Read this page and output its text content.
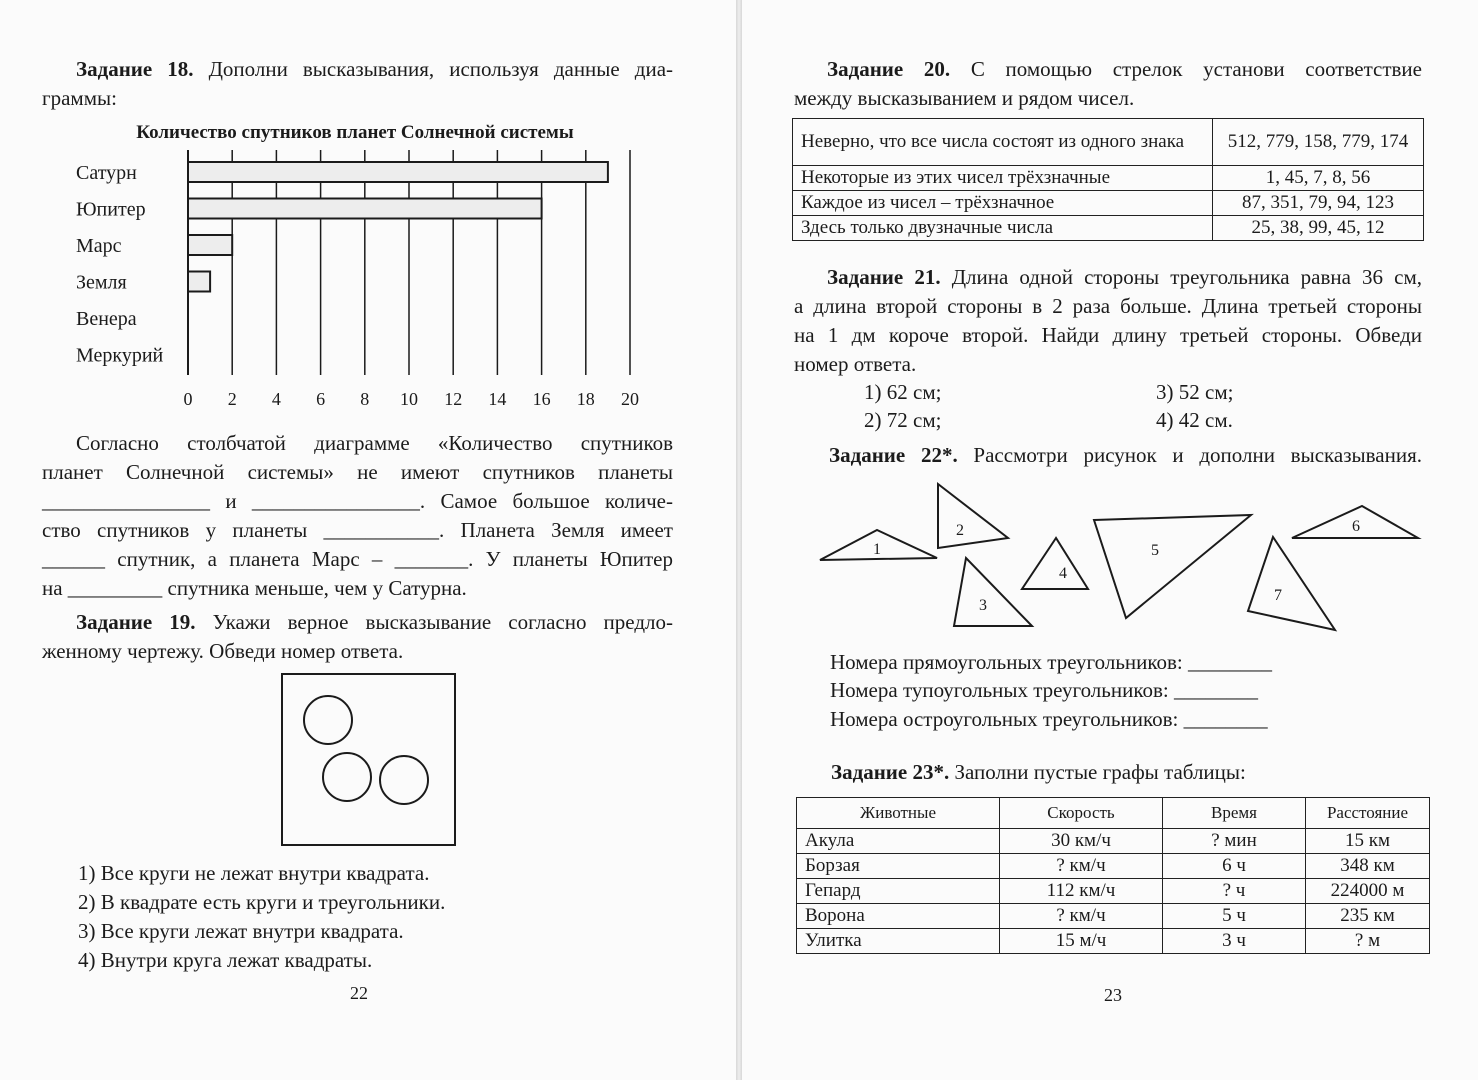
Задание 18. Дополни высказывания, используя данные диа-
граммы:
Количество спутников планет Солнечной системы
Сатурн
Юпитер
Марс
Земля
Венера
Меркурий
0 2 4 6 8 10 12 14 16 18 20
Согласно столбчатой диаграмме «Количество спутников
планет Солнечной системы» не имеют спутников планеты
________________ и ________________. Самое большое количе-
ство спутников у планеты ___________. Планета Земля имеет
______ спутник, а планета Марс – _______. У планеты Юпитер
на _________ спутника меньше, чем у Сатурна.
Задание 19. Укажи верное высказывание согласно предло-
женному чертежу. Обведи номер ответа.
1) Все круги не лежат внутри квадрата.
2) В квадрате есть круги и треугольники.
3) Все круги лежат внутри квадрата.
4) Внутри круга лежат квадраты.
22
Задание 20. С помощью стрелок установи соответствие
между высказыванием и рядом чисел.
Неверно, что все числа состоят из одного знака	512, 779, 158, 779, 174
Некоторые из этих чисел трёхзначные	1, 45, 7, 8, 56
Каждое из чисел – трёхзначное	87, 351, 79, 94, 123
Здесь только двузначные числа	25, 38, 99, 45, 12
Задание 21. Длина одной стороны треугольника равна 36 см,
а длина второй стороны в 2 раза больше. Длина третьей стороны
на 1 дм короче второй. Найди длину третьей стороны. Обведи
номер ответа.
1) 62 см;	3) 52 см;
2) 72 см;	4) 42 см.
Задание 22*. Рассмотри рисунок и дополни высказывания.
1
2
3
4
5
6
7
Номера прямоугольных треугольников: ________
Номера тупоугольных треугольников: ________
Номера остроугольных треугольников: ________
Задание 23*. Заполни пустые графы таблицы:
Животные	Скорость	Время	Расстояние
Акула	30 км/ч	? мин	15 км
Борзая	? км/ч	6 ч	348 км
Гепард	112 км/ч	? ч	224000 м
Ворона	? км/ч	5 ч	235 км
Улитка	15 м/ч	3 ч	? м
23
